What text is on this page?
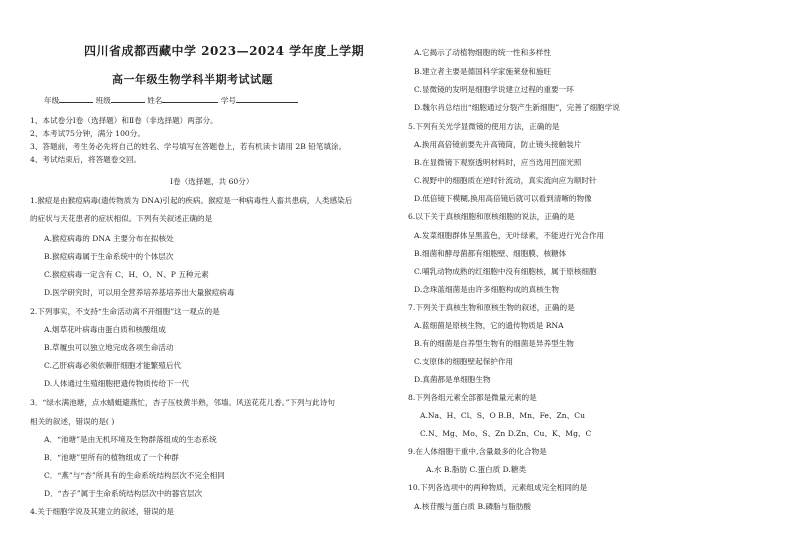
四川省成都西藏中学 2023—2024 学年度上学期
高一年级生物学科半期考试试题
年级	班级	姓名	学号
1、本试卷分Ⅰ卷（选择题）和Ⅱ卷（非选择题）两部分。
2、本考试75分钟，满分 100分。
3、答题前，考生务必先将自己的姓名、学号填写在答题卷上，若有机读卡请用 2B 铅笔填涂。
4、考试结束后，将答题卷交回。
Ⅰ卷（选择题，共 60分）
1.猴痘是由猴痘病毒(遗传物质为 DNA)引起的疾病。猴痘是一种病毒性人畜共患病，人类感染后
的症状与天花患者的症状相似。下列有关叙述正确的是
A.猴痘病毒的 DNA 主要分布在拟核处
B.猴痘病毒属于生命系统中的个体层次
C.猴痘病毒一定含有 C、H、O、N、P 五种元素
D.医学研究时，可以用全营养培养基培养出大量猴痘病毒
2.下列事实，不支持“生命活动离不开细胞”这一观点的是
A.烟草花叶病毒由蛋白质和核酸组成
B.草履虫可以独立地完成各项生命活动
C.乙肝病毒必须依赖肝细胞才能繁殖后代
D.人体通过生殖细胞把遗传物质传给下一代
3．“绿水满池塘，点水蜻蜓避燕忙，杏子压枝黄半熟，邻墙。风送花花儿香。”下列与此诗句
相关的叙述，错误的是( )
A．“池塘”是由无机环境及生物群落组成的生态系统
B．“池塘”里所有的植物组成了一个种群
C．“燕”与“杏”所具有的生命系统结构层次不完全相同
D．“杏子”属于生命系统结构层次中的器官层次
4.关于细胞学说及其建立的叙述，错误的是
A.它揭示了动植物细胞的统一性和多样性
B.建立者主要是德国科学家施莱登和施旺
C.显微镜的发明是细胞学说建立过程的重要一环
D.魏尔肖总结出“细胞通过分裂产生新细胞”，完善了细胞学说
5.下列有关光学显微镜的使用方法，正确的是
A.换用高倍镜前要先升高镜筒，防止镜头接触装片
B.在显微镜下观察透明材料时，应当选用凹面光照
C.视野中的细胞质在逆时针流动，真实流向应为顺时针
D.低倍镜下模糊,换用高倍镜后就可以看到清晰的物像
6.以下关于真核细胞和原核细胞的说法，正确的是
A.发菜细胞群体呈黑蓝色，无叶绿素，不能进行光合作用
B.细菌和酵母菌都有细胞壁、细胞膜、核糖体
C.哺乳动物成熟的红细胞中没有细胞核，属于原核细胞
D.念珠蓝细菌是由许多细胞构成的真核生物
7.下列关于真核生物和原核生物的叙述，正确的是
A.蓝细菌是原核生物，它的遗传物质是 RNA
B.有的细菌是自养型生物有的细菌是异养型生物
C.支原体的细胞壁起保护作用
D.真菌都是单细胞生物
8.下列各组元素全部都是微量元素的是
A.Na、H、Cl、S、O B.B、Mn、Fe、Zn、Cu
C.N、Mg、Mo、S、Zn D.Zn、Cu、K、Mg、C
9.在人体细胞干重中,含量最多的化合物是
A.水 B.脂肪 C.蛋白质 D.糖类
10.下列各选项中的两种物质，元素组成完全相同的是
A.核苷酸与蛋白质 B.磷脂与脂肪酸
